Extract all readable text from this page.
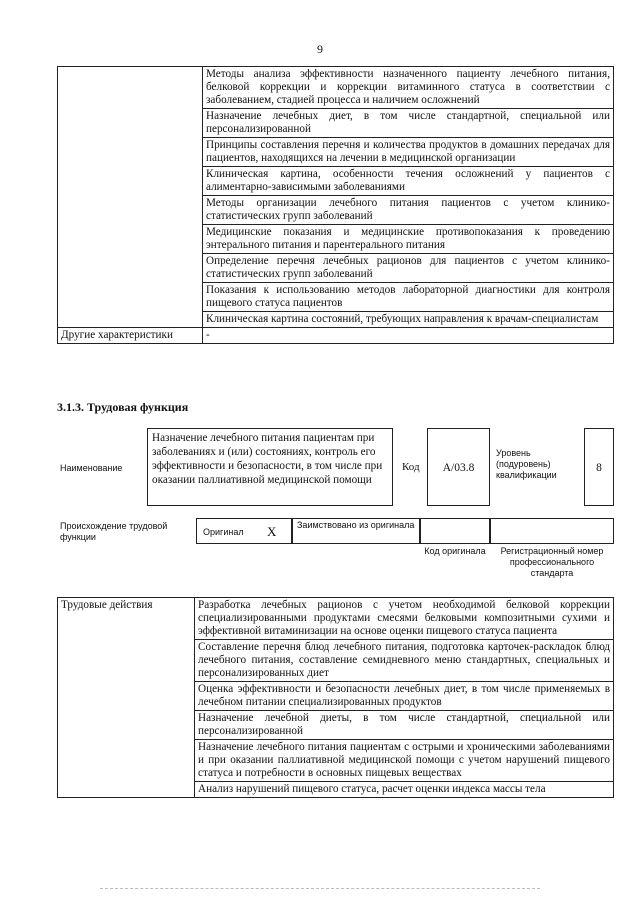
9
	Методы анализа эффективности назначенного пациенту лечебного питания, белковой коррекции и коррекции витаминного статуса в соответствии с заболеванием, стадией процесса и наличием осложнений
	Назначение лечебных диет, в том числе стандартной, специальной или персонализированной
	Принципы составления перечня и количества продуктов в домашних передачах для пациентов, находящихся на лечении в медицинской организации
	Клиническая картина, особенности течения осложнений у пациентов с алиментарно-зависимыми заболеваниями
	Методы организации лечебного питания пациентов с учетом клинико-статистических групп заболеваний
	Медицинские показания и медицинские противопоказания к проведению энтерального питания и парентерального питания
	Определение перечня лечебных рационов для пациентов с учетом клинико-статистических групп заболеваний
	Показания к использованию методов лабораторной диагностики для контроля пищевого статуса пациентов
	Клиническая картина состояний, требующих направления к врачам-специалистам
Другие характеристики	-
3.1.3. Трудовая функция
Наименование
Назначение лечебного питания пациентам при заболеваниях и (или) состояниях, контроль его эффективности и безопасности, в том числе при оказании паллиативной медицинской помощи
Код	A/03.8
Уровень (подуровень) квалификации
8
Происхождение трудовой функции	Оригинал X	Заимствовано из оригинала
Код оригинала	Регистрационный номер профессионального стандарта
Трудовые действия	Разработка лечебных рационов с учетом необходимой белковой коррекции специализированными продуктами смесями белковыми композитными сухими и эффективной витаминизации на основе оценки пищевого статуса пациента
Составление перечня блюд лечебного питания, подготовка карточек-раскладок блюд лечебного питания, составление семидневного меню стандартных, специальных и персонализированных диет
Оценка эффективности и безопасности лечебных диет, в том числе применяемых в лечебном питании специализированных продуктов
Назначение лечебной диеты, в том числе стандартной, специальной или персонализированной
Назначение лечебного питания пациентам с острыми и хроническими заболеваниями и при оказании паллиативной медицинской помощи с учетом нарушений пищевого статуса и потребности в основных пищевых веществах
Анализ нарушений пищевого статуса, расчет оценки индекса массы тела
